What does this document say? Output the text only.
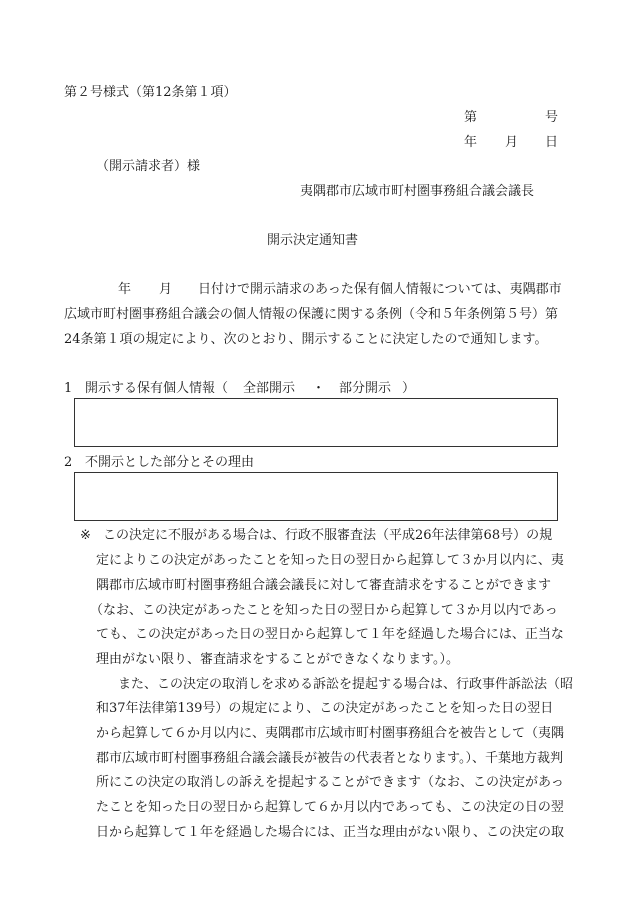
第２号様式（第12条第１項）
第	号
年 月 日
（開示請求者）様
夷隅郡市広域市町村圏事務組合議会議長
開示決定通知書
年 月 日付けで開示請求のあった保有個人情報については、夷隅郡市
広域市町村圏事務組合議会の個人情報の保護に関する条例（令和５年条例第５号）第
24条第１項の規定により、次のとおり、開示することに決定したので通知します。
1 開示する保有個人情報（ 全部開示 ・ 部分開示 ）
2 不開示とした部分とその理由
※ この決定に不服がある場合は、行政不服審査法（平成26年法律第68号）の規
定によりこの決定があったことを知った日の翌日から起算して３か月以内に、夷
隅郡市広域市町村圏事務組合議会議長に対して審査請求をすることができます
（なお、この決定があったことを知った日の翌日から起算して３か月以内であっ
ても、この決定があった日の翌日から起算して１年を経過した場合には、正当な
理由がない限り、審査請求をすることができなくなります。）。
また、この決定の取消しを求める訴訟を提起する場合は、行政事件訴訟法（昭
和37年法律第139号）の規定により、この決定があったことを知った日の翌日
から起算して６か月以内に、夷隅郡市広域市町村圏事務組合を被告として（夷隅
郡市広域市町村圏事務組合議会議長が被告の代表者となります。）、千葉地方裁判
所にこの決定の取消しの訴えを提起することができます（なお、この決定があっ
たことを知った日の翌日から起算して６か月以内であっても、この決定の日の翌
日から起算して１年を経過した場合には、正当な理由がない限り、この決定の取
